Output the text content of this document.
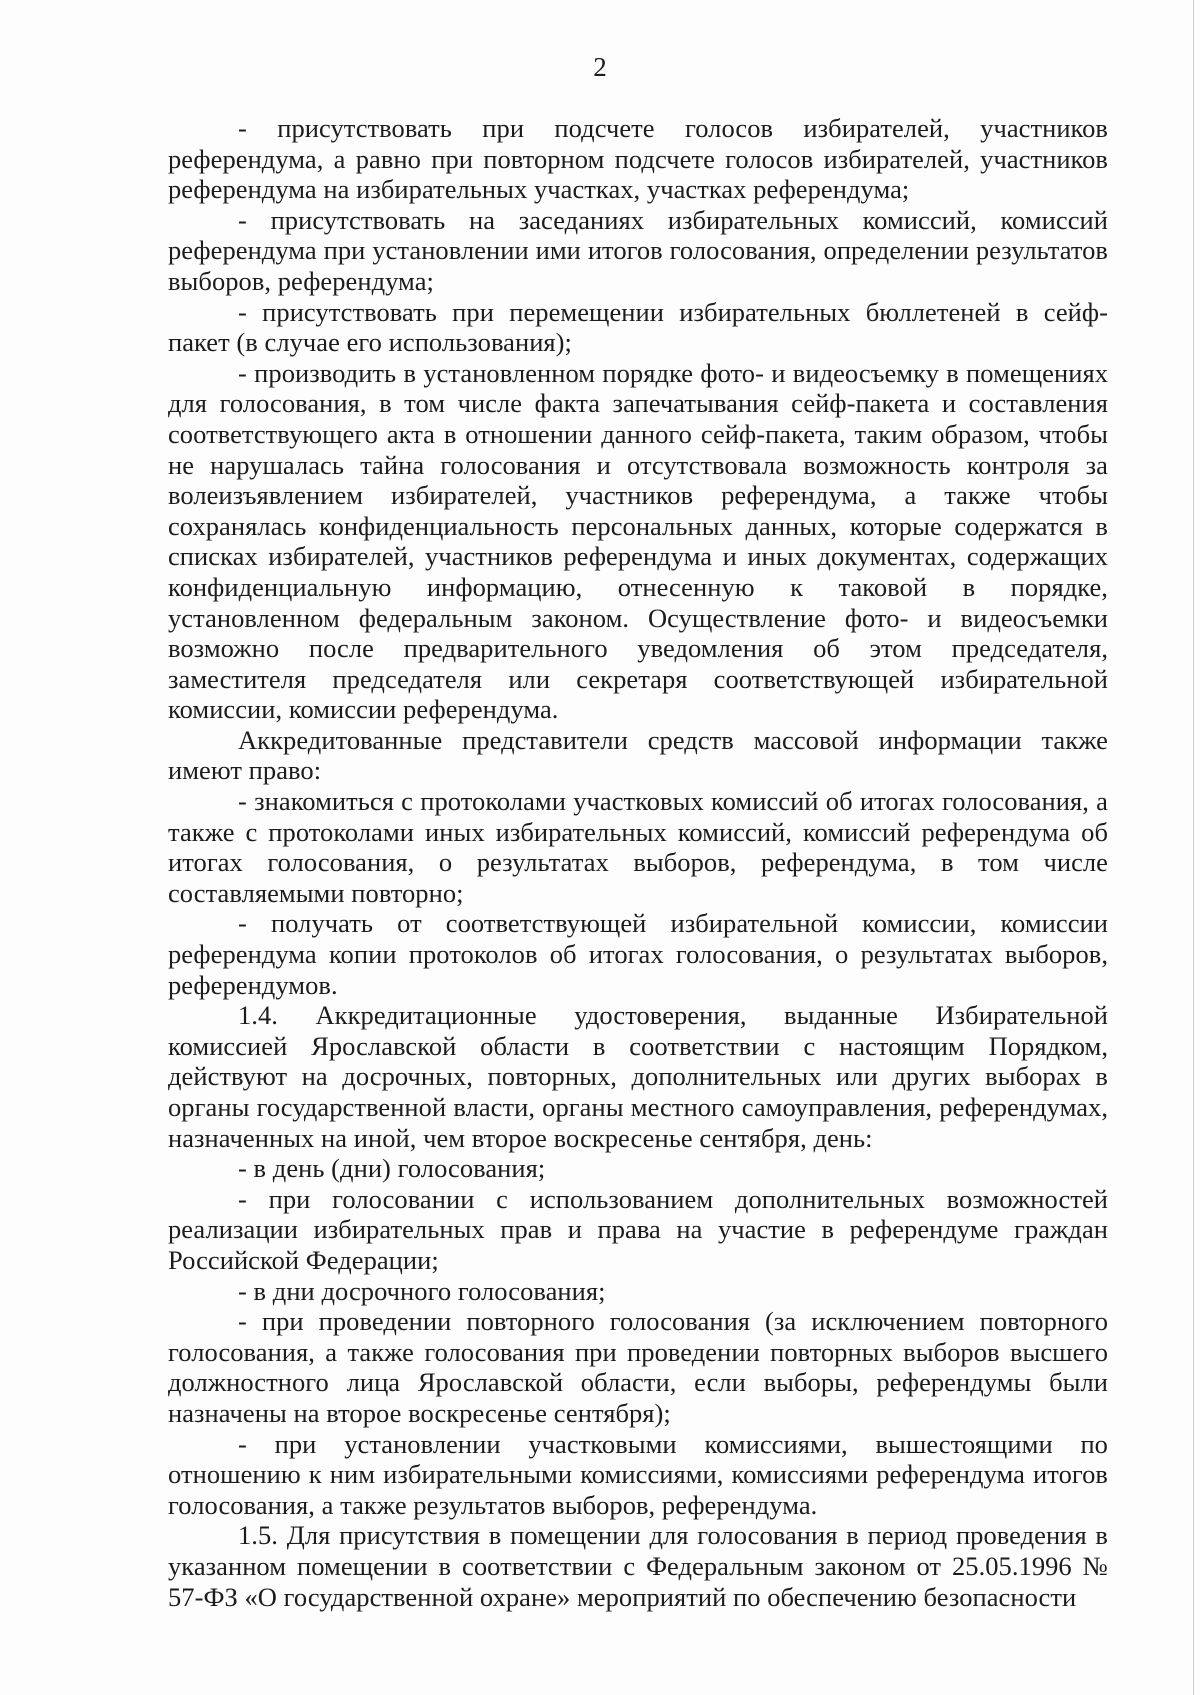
2

- присутствовать при подсчете голосов избирателей, участников референдума, а равно при повторном подсчете голосов избирателей, участников референдума на избирательных участках, участках референдума;

- присутствовать на заседаниях избирательных комиссий, комиссий референдума при установлении ими итогов голосования, определении результатов выборов, референдума;

- присутствовать при перемещении избирательных бюллетеней в сейф-пакет (в случае его использования);

- производить в установленном порядке фото- и видеосъемку в помещениях для голосования, в том числе факта запечатывания сейф-пакета и составления соответствующего акта в отношении данного сейф-пакета, таким образом, чтобы не нарушалась тайна голосования и отсутствовала возможность контроля за волеизъявлением избирателей, участников референдума, а также чтобы сохранялась конфиденциальность персональных данных, которые содержатся в списках избирателей, участников референдума и иных документах, содержащих конфиденциальную информацию, отнесенную к таковой в порядке, установленном федеральным законом. Осуществление фото- и видеосъемки возможно после предварительного уведомления об этом председателя, заместителя председателя или секретаря соответствующей избирательной комиссии, комиссии референдума.

Аккредитованные представители средств массовой информации также имеют право:

- знакомиться с протоколами участковых комиссий об итогах голосования, а также с протоколами иных избирательных комиссий, комиссий референдума об итогах голосования, о результатах выборов, референдума, в том числе составляемыми повторно;

- получать от соответствующей избирательной комиссии, комиссии референдума копии протоколов об итогах голосования, о результатах выборов, референдумов.

1.4. Аккредитационные удостоверения, выданные Избирательной комиссией Ярославской области в соответствии с настоящим Порядком, действуют на досрочных, повторных, дополнительных или других выборах в органы государственной власти, органы местного самоуправления, референдумах, назначенных на иной, чем второе воскресенье сентября, день:

- в день (дни) голосования;

- при голосовании с использованием дополнительных возможностей реализации избирательных прав и права на участие в референдуме граждан Российской Федерации;

- в дни досрочного голосования;

- при проведении повторного голосования (за исключением повторного голосования, а также голосования при проведении повторных выборов высшего должностного лица Ярославской области, если выборы, референдумы были назначены на второе воскресенье сентября);

- при установлении участковыми комиссиями, вышестоящими по отношению к ним избирательными комиссиями, комиссиями референдума итогов голосования, а также результатов выборов, референдума.

1.5. Для присутствия в помещении для голосования в период проведения в указанном помещении в соответствии с Федеральным законом от 25.05.1996 № 57-ФЗ «О государственной охране» мероприятий по обеспечению безопасности
